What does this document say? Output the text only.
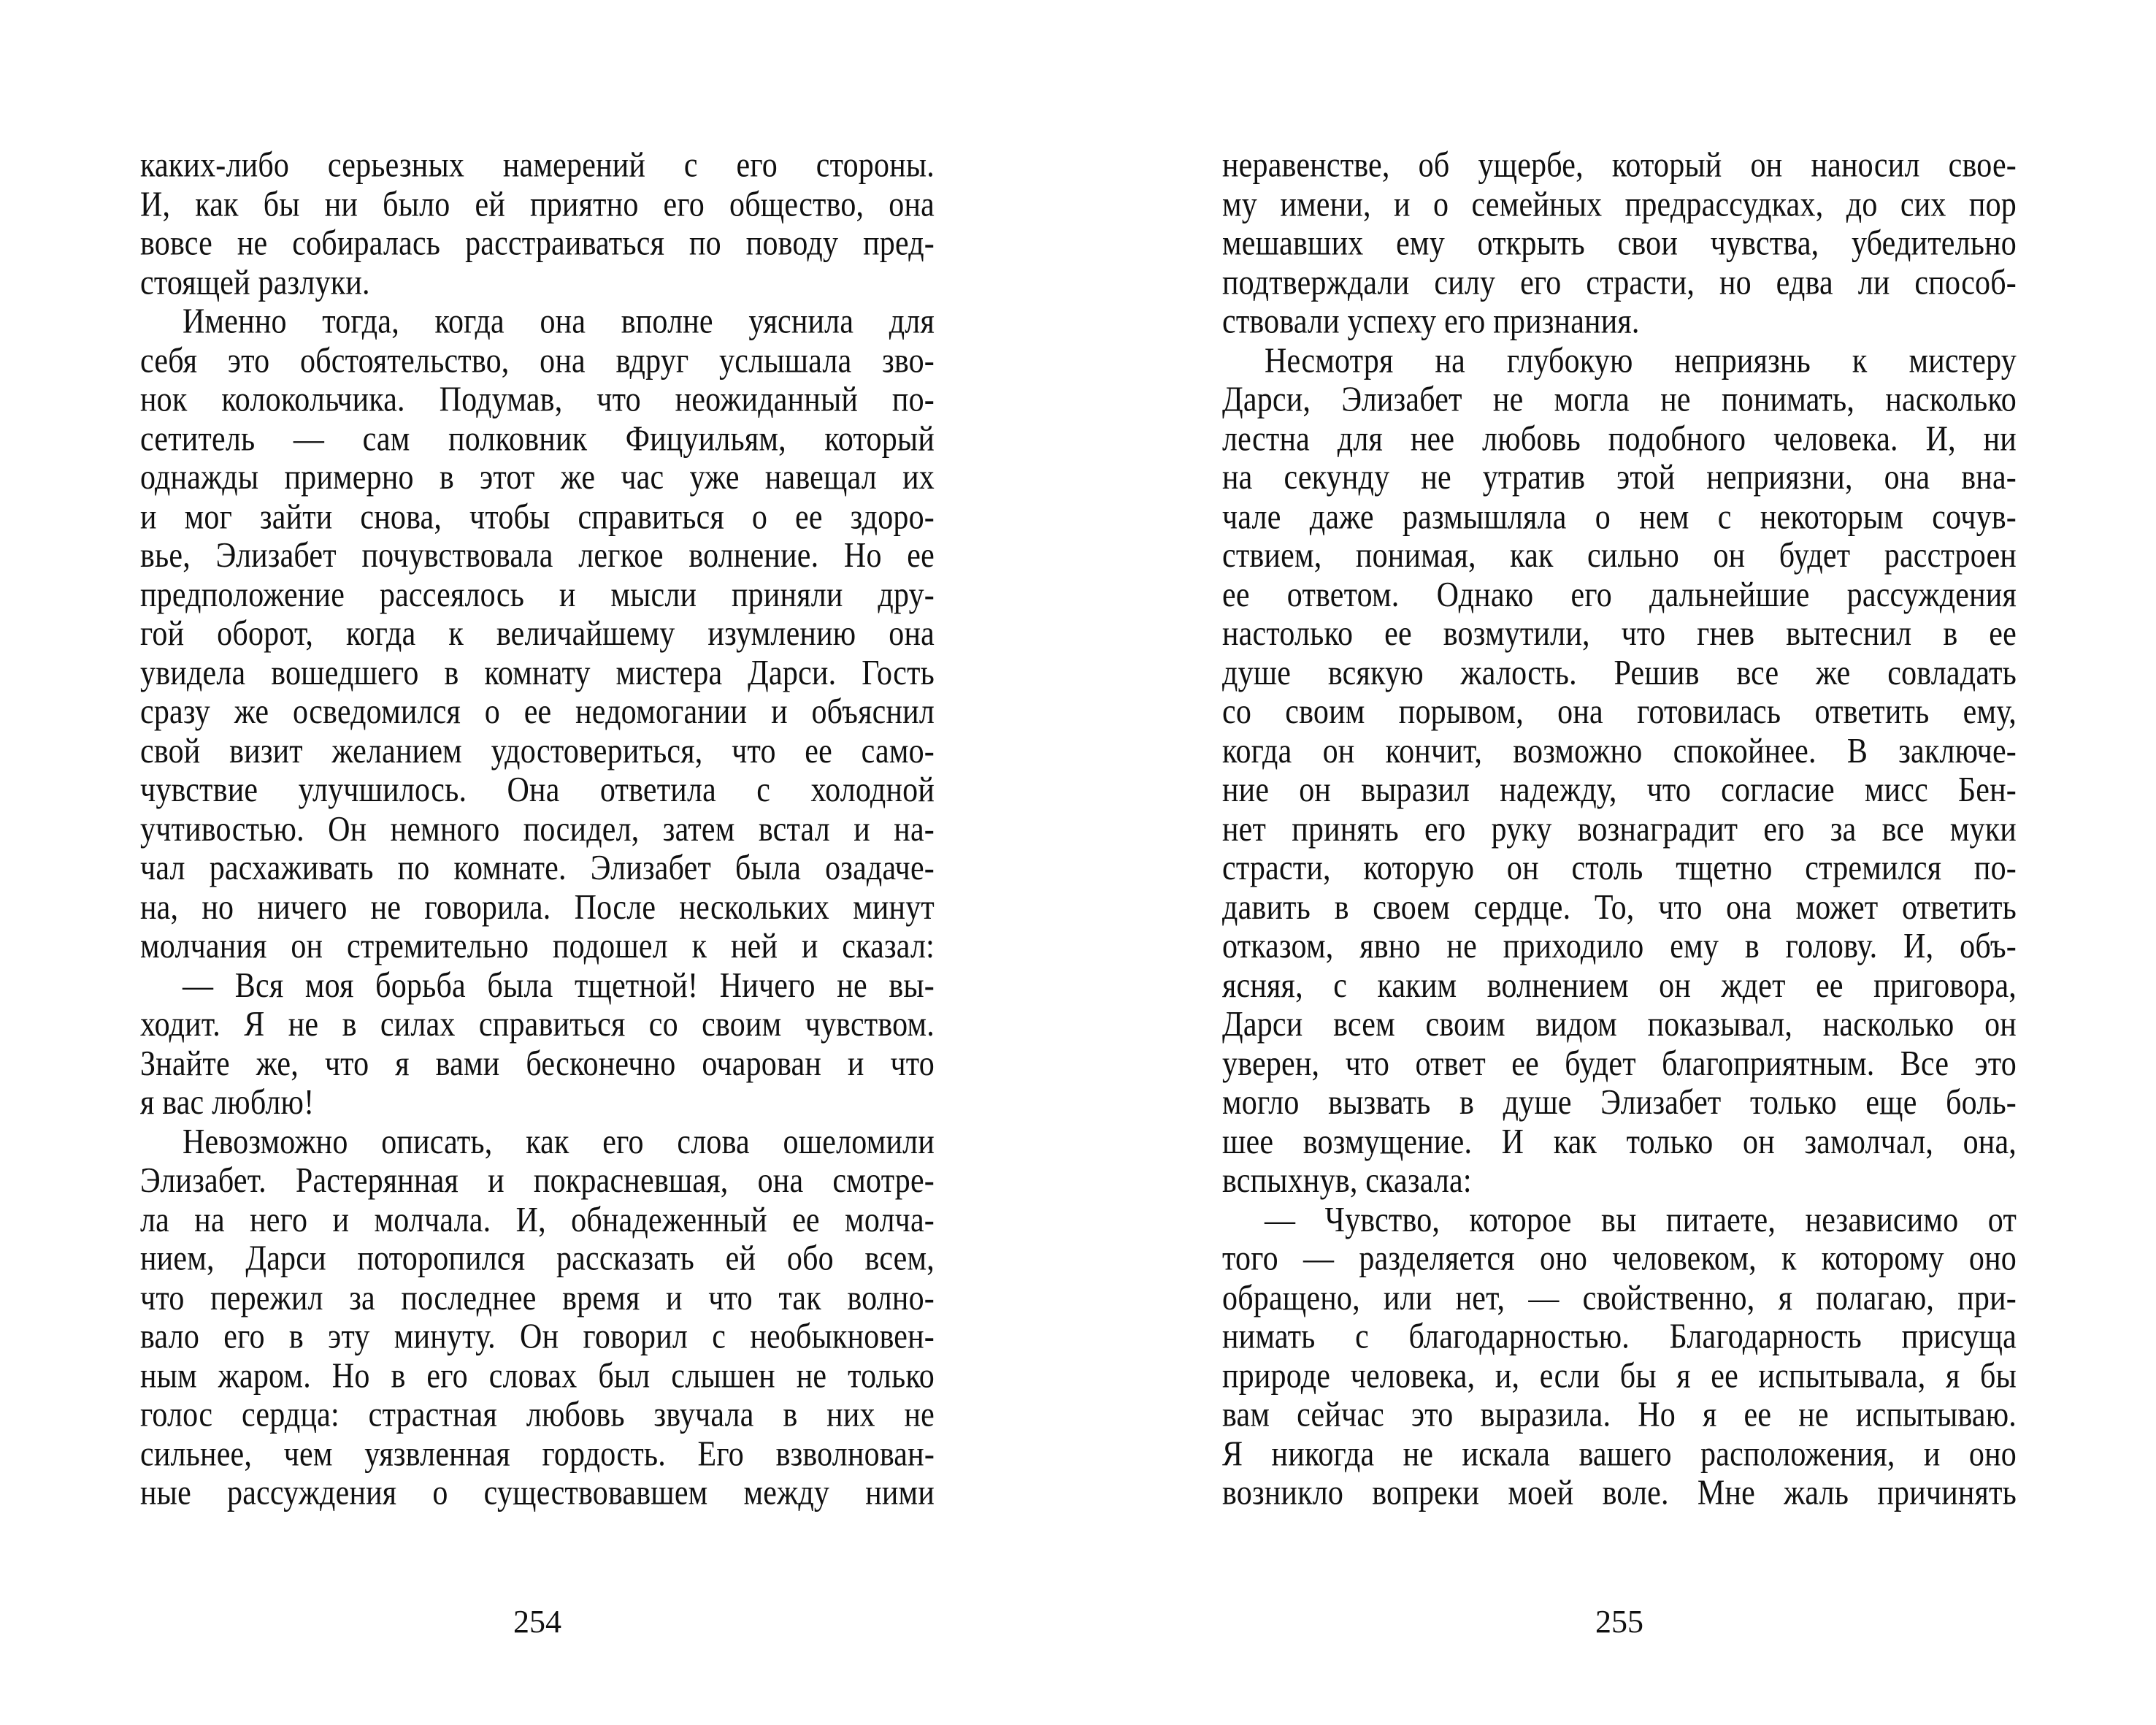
каких-либо серьезных намерений с его стороны.
И, как бы ни было ей приятно его общество, она
вовсе не собиралась расстраиваться по поводу пред-
стоящей разлуки.
Именно тогда, когда она вполне уяснила для
себя это обстоятельство, она вдруг услышала зво-
нок колокольчика. Подумав, что неожиданный по-
сетитель — сам полковник Фицуильям, который
однажды примерно в этот же час уже навещал их
и мог зайти снова, чтобы справиться о ее здоро-
вье, Элизабет почувствовала легкое волнение. Но ее
предположение рассеялось и мысли приняли дру-
гой оборот, когда к величайшему изумлению она
увидела вошедшего в комнату мистера Дарси. Гость
сразу же осведомился о ее недомогании и объяснил
свой визит желанием удостовериться, что ее само-
чувствие улучшилось. Она ответила с холодной
учтивостью. Он немного посидел, затем встал и на-
чал расхаживать по комнате. Элизабет была озадаче-
на, но ничего не говорила. После нескольких минут
молчания он стремительно подошел к ней и сказал:
— Вся моя борьба была тщетной! Ничего не вы-
ходит. Я не в силах справиться со своим чувством.
Знайте же, что я вами бесконечно очарован и что
я вас люблю!
Невозможно описать, как его слова ошеломили
Элизабет. Растерянная и покрасневшая, она смотре-
ла на него и молчала. И, обнадеженный ее молча-
нием, Дарси поторопился рассказать ей обо всем,
что пережил за последнее время и что так волно-
вало его в эту минуту. Он говорил с необыкновен-
ным жаром. Но в его словах был слышен не только
голос сердца: страстная любовь звучала в них не
сильнее, чем уязвленная гордость. Его взволнован-
ные рассуждения о существовавшем между ними
неравенстве, об ущербе, который он наносил свое-
му имени, и о семейных предрассудках, до сих пор
мешавших ему открыть свои чувства, убедительно
подтверждали силу его страсти, но едва ли способ-
ствовали успеху его признания.
Несмотря на глубокую неприязнь к мистеру
Дарси, Элизабет не могла не понимать, насколько
лестна для нее любовь подобного человека. И, ни
на секунду не утратив этой неприязни, она вна-
чале даже размышляла о нем с некоторым сочув-
ствием, понимая, как сильно он будет расстроен
ее ответом. Однако его дальнейшие рассуждения
настолько ее возмутили, что гнев вытеснил в ее
душе всякую жалость. Решив все же совладать
со своим порывом, она готовилась ответить ему,
когда он кончит, возможно спокойнее. В заключе-
ние он выразил надежду, что согласие мисс Бен-
нет принять его руку вознаградит его за все муки
страсти, которую он столь тщетно стремился по-
давить в своем сердце. То, что она может ответить
отказом, явно не приходило ему в голову. И, объ-
ясняя, с каким волнением он ждет ее приговора,
Дарси всем своим видом показывал, насколько он
уверен, что ответ ее будет благоприятным. Все это
могло вызвать в душе Элизабет только еще боль-
шее возмущение. И как только он замолчал, она,
вспыхнув, сказала:
— Чувство, которое вы питаете, независимо от
того — разделяется оно человеком, к которому оно
обращено, или нет, — свойственно, я полагаю, при-
нимать с благодарностью. Благодарность присуща
природе человека, и, если бы я ее испытывала, я бы
вам сейчас это выразила. Но я ее не испытываю.
Я никогда не искала вашего расположения, и оно
возникло вопреки моей воле. Мне жаль причинять
254	255
